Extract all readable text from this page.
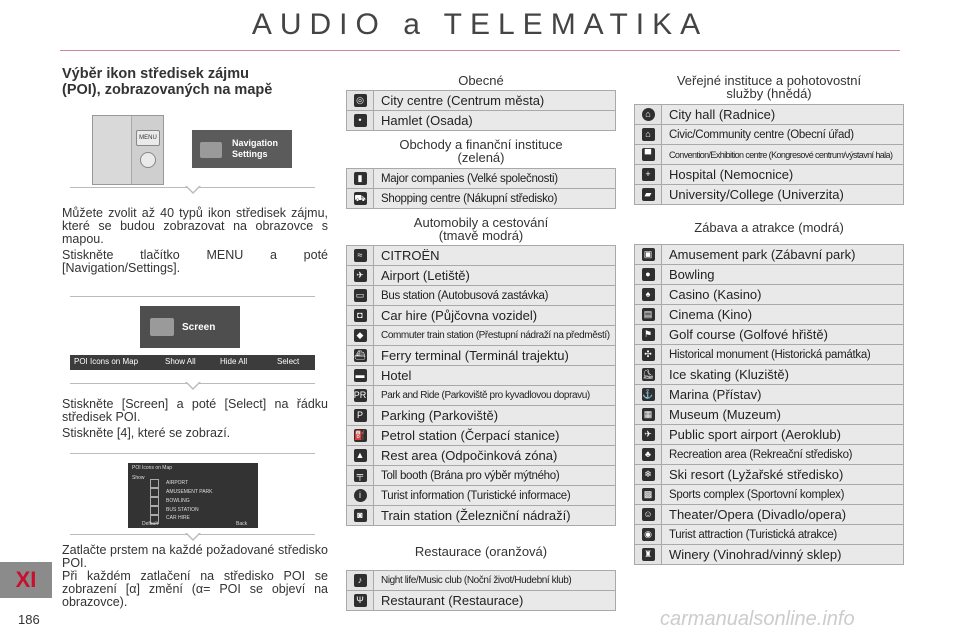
AUDIO a TELEMATIKA
Výběr ikon středisek zájmu
(POI), zobrazovaných na mapě
MENU	Navigation
Settings

Můžete zvolit až 40 typů ikon středisek zájmu, které se budou zobrazovat na obrazovce s mapou.

Stiskněte tlačítko MENU a poté [Navigation/Settings].

Screen
POI Icons on Map	Show All	Hide All	Select

Stiskněte [Screen] a poté [Select] na řádku středisek POI.

Stiskněte [4], které se zobrazí.

POI Icons on Map
Show
AIRPORT
AMUSEMENT PARK
BOWLING
BUS STATION
CAR HIRE
Default	Back

Zatlačte prstem na každé požadované středisko POI.

Při každém zatlačení na středisko POI se zobrazení [α] změní (α= POI se objeví na obrazovce).

XI
186	carmanualsonline.info
Obecné
◎	City centre (Centrum města)
•	Hamlet (Osada)
Obchody a finanční instituce
(zelená)
▮	Major companies (Velké společnosti)
⛟	Shopping centre (Nákupní středisko)
Automobily a cestování
(tmavě modrá)
≈	CITROËN
✈	Airport (Letiště)
▭	Bus station (Autobusová zastávka)
◘	Car hire (Půjčovna vozidel)
◆	Commuter train station (Přestupní nádraží na předměstí)
⛴	Ferry terminal (Terminál trajektu)
▬	Hotel
PR	Park and Ride (Parkoviště pro kyvadlovou dopravu)
P	Parking (Parkoviště)
⛽	Petrol station (Čerpací stanice)
▲	Rest area (Odpočinková zóna)
╤	Toll booth (Brána pro výběr mýtného)
i	Turist information (Turistické informace)
◙	Train station (Železniční nádraží)
Restaurace (oranžová)
♪	Night life/Music club (Noční život/Hudební klub)
Ψ	Restaurant (Restaurace)
Veřejné instituce a pohotovostní
služby (hnědá)
⌂	City hall (Radnice)
⌂	Civic/Community centre (Obecní úřad)
▀	Convention/Exhibition centre (Kongresové centrum/výstavní hala)
+	Hospital (Nemocnice)
▰	University/College (Univerzita)
Zábava a atrakce (modrá)
▣	Amusement park (Zábavní park)
●	Bowling
♠	Casino (Kasino)
▤	Cinema (Kino)
⚑	Golf course (Golfové hřiště)
✣	Historical monument (Historická památka)
⛸	Ice skating (Kluziště)
⚓	Marina (Přístav)
▦	Museum (Muzeum)
✈	Public sport airport (Aeroklub)
♣	Recreation area (Rekreační středisko)
❄	Ski resort (Lyžařské středisko)
▩	Sports complex (Sportovní komplex)
☺	Theater/Opera (Divadlo/opera)
◉	Turist attraction (Turistická atrakce)
♜	Winery (Vinohrad/vinný sklep)
